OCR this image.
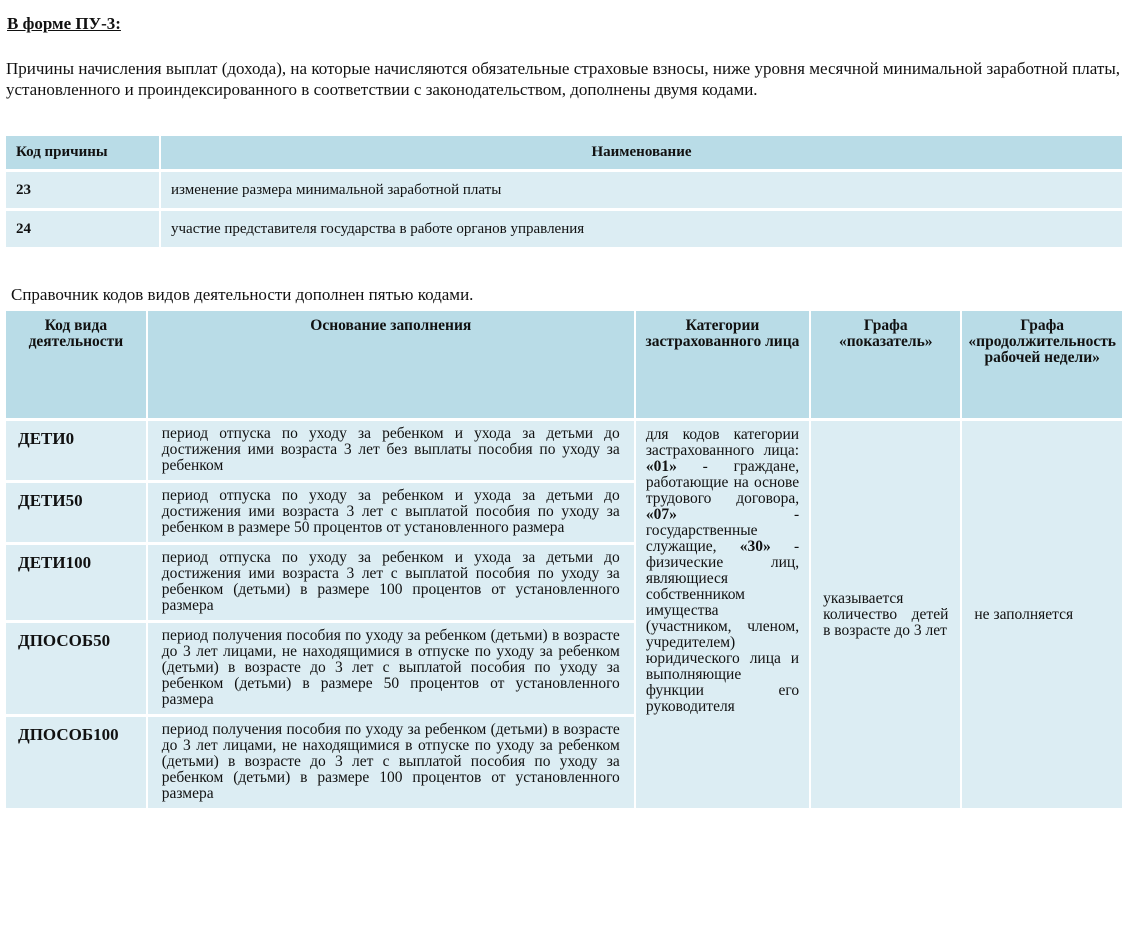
В форме ПУ-3:
Причины начисления выплат (дохода), на которые начисляются обязательные страховые взносы, ниже уровня месячной минимальной заработной платы, установленного и проиндексированного в соответствии с законодательством, дополнены двумя кодами.
Код причины	Наименование
23	изменение размера минимальной заработной платы
24	участие представителя государства в работе органов управления
Справочник кодов видов деятельности дополнен пятью кодами.
Код вида деятельности	Основание заполнения	Категории застрахованного лица	Графа «показатель»	Графа «продолжительность рабочей недели»
ДЕТИ0	период отпуска по уходу за ребенком и ухода за детьми до достижения ими возраста 3 лет без выплаты пособия по уходу за ребенком	для кодов категории застрахованного лица: «01» - граждане, работающие на основе трудового договора, «07» - государственные служащие, «30» - физические лиц, являющиеся собственником имущества (участником, членом, учредителем) юридического лица и выполняющие функции его руководителя	указывается количество детей в возрасте до 3 лет	не заполняется
ДЕТИ50	период отпуска по уходу за ребенком и ухода за детьми до достижения ими возраста 3 лет с выплатой пособия по уходу за ребенком в размере 50 процентов от установленного размера			
ДЕТИ100	период отпуска по уходу за ребенком и ухода за детьми до достижения ими возраста 3 лет с выплатой пособия по уходу за ребенком (детьми) в размере 100 процентов от установленного размера			
ДПОСОБ50	период получения пособия по уходу за ребенком (детьми) в возрасте до 3 лет лицами, не находящимися в отпуске по уходу за ребенком (детьми) в возрасте до 3 лет с выплатой пособия по уходу за ребенком (детьми) в размере 50 процентов от установленного размера			
ДПОСОБ100	период получения пособия по уходу за ребенком (детьми) в возрасте до 3 лет лицами, не находящимися в отпуске по уходу за ребенком (детьми) в возрасте до 3 лет с выплатой пособия по уходу за ребенком (детьми) в размере 100 процентов от установленного размера			
